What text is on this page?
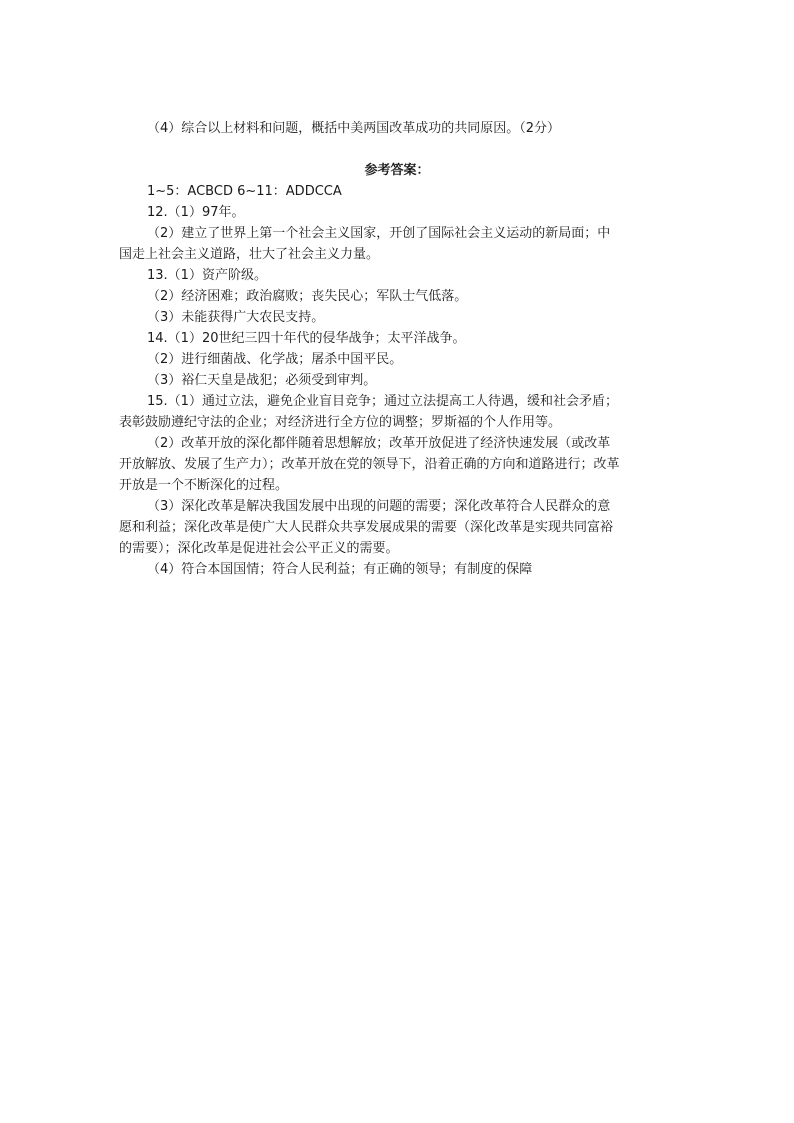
（4）综合以上材料和问题，概括中美两国改革成功的共同原因。（2分）
参考答案：
1~5：ACBCD 6~11：ADDCCA
12.（1）97年。
（2）建立了世界上第一个社会主义国家，开创了国际社会主义运动的新局面；中
国走上社会主义道路，壮大了社会主义力量。
13.（1）资产阶级。
（2）经济困难；政治腐败；丧失民心；军队士气低落。
（3）未能获得广大农民支持。
14.（1）20世纪三四十年代的侵华战争；太平洋战争。
（2）进行细菌战、化学战；屠杀中国平民。
（3）裕仁天皇是战犯；必须受到审判。
15.（1）通过立法，避免企业盲目竞争；通过立法提高工人待遇，缓和社会矛盾；
表彰鼓励遵纪守法的企业；对经济进行全方位的调整；罗斯福的个人作用等。
（2）改革开放的深化都伴随着思想解放；改革开放促进了经济快速发展（或改革
开放解放、发展了生产力）；改革开放在党的领导下，沿着正确的方向和道路进行；改革
开放是一个不断深化的过程。
（3）深化改革是解决我国发展中出现的问题的需要；深化改革符合人民群众的意
愿和利益；深化改革是使广大人民群众共享发展成果的需要（深化改革是实现共同富裕
的需要）；深化改革是促进社会公平正义的需要。
（4）符合本国国情；符合人民利益；有正确的领导；有制度的保障
